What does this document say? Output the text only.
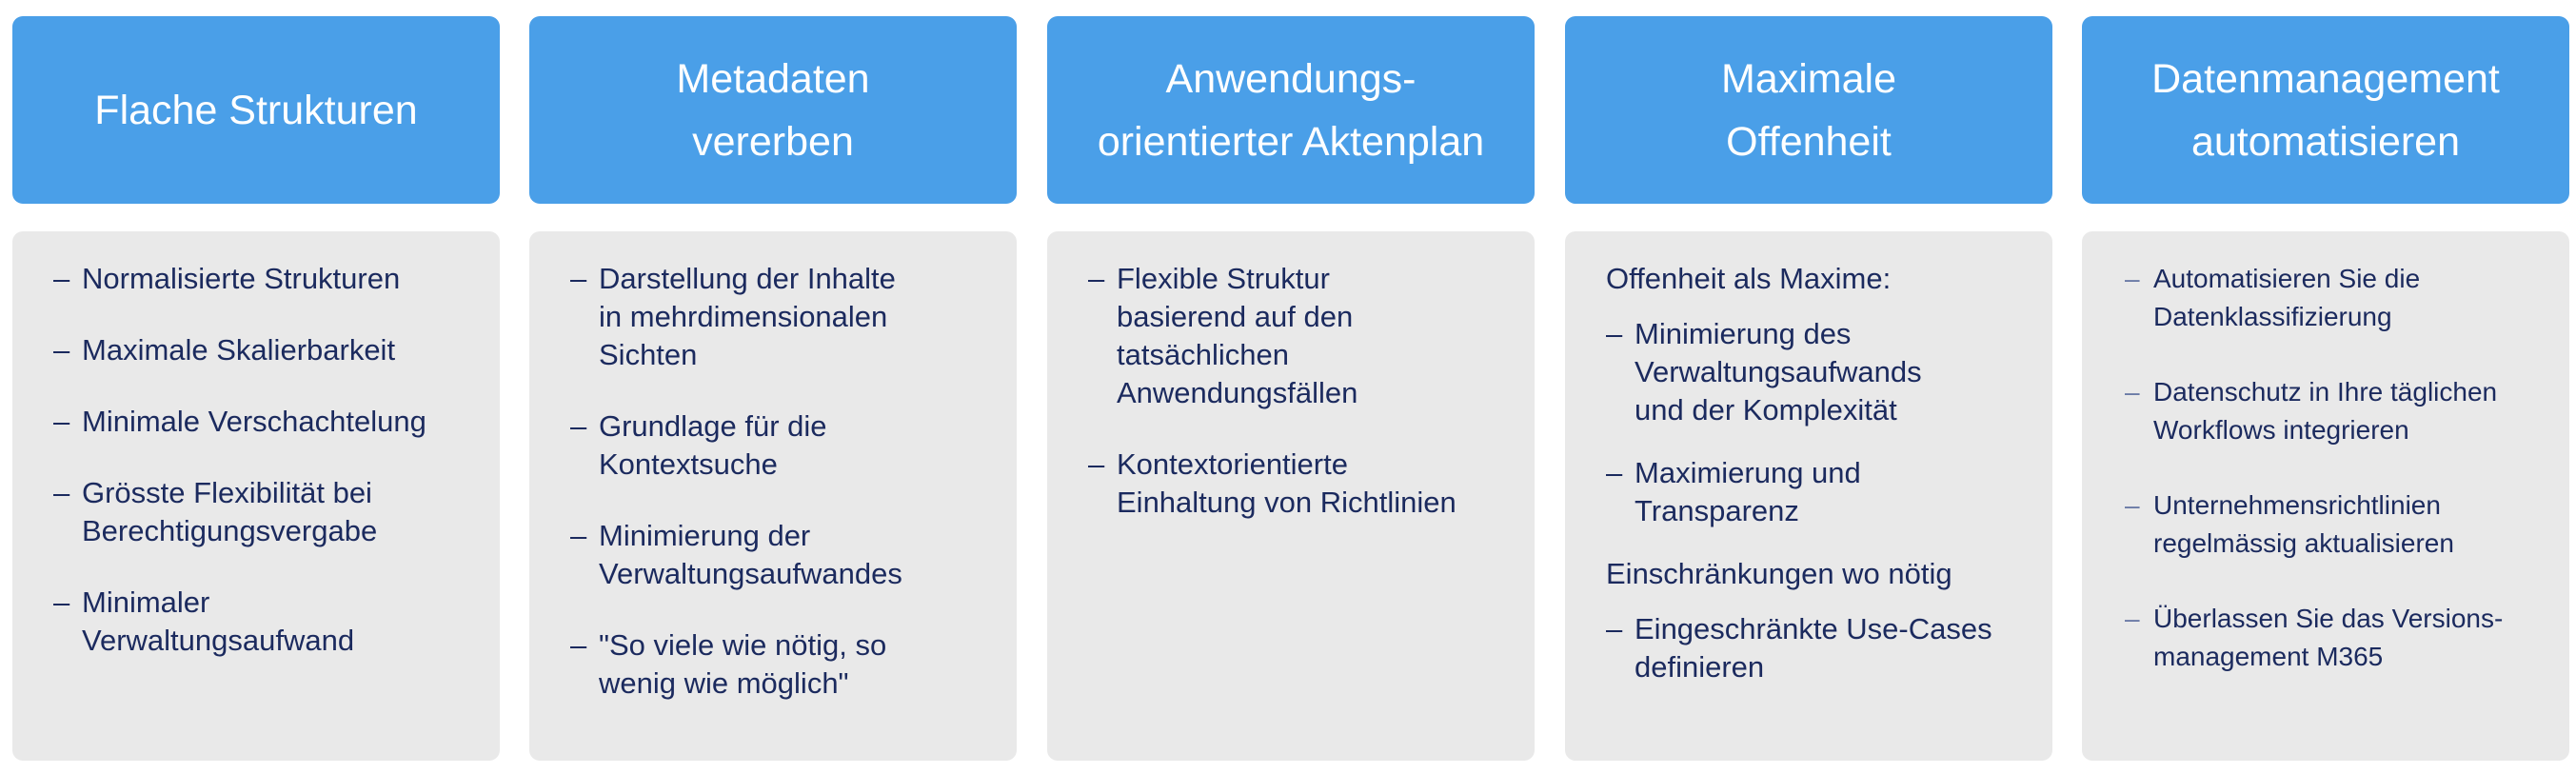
Flache Strukturen
– Normalisierte Strukturen
– Maximale Skalierbarkeit
– Minimale Verschachtelung
– Grösste Flexibilität bei
Berechtigungsvergabe
– Minimaler
Verwaltungsaufwand
Metadaten
vererben
– Darstellung der Inhalte
in mehrdimensionalen
Sichten
– Grundlage für die
Kontextsuche
– Minimierung der
Verwaltungsaufwandes
– "So viele wie nötig, so
wenig wie möglich"
Anwendungs-
orientierter Aktenplan
– Flexible Struktur
basierend auf den
tatsächlichen
Anwendungsfällen
– Kontextorientierte
Einhaltung von Richtlinien
Maximale
Offenheit

Offenheit als Maxime:

– Minimierung des
Verwaltungsaufwands
und der Komplexität
– Maximierung und
Transparenz

Einschränkungen wo nötig

– Eingeschränkte Use-Cases
definieren
Datenmanagement
automatisieren
– Automatisieren Sie die
Datenklassifizierung
– Datenschutz in Ihre täglichen
Workflows integrieren
– Unternehmensrichtlinien
regelmässig aktualisieren
– Überlassen Sie das Versions-
management M365
